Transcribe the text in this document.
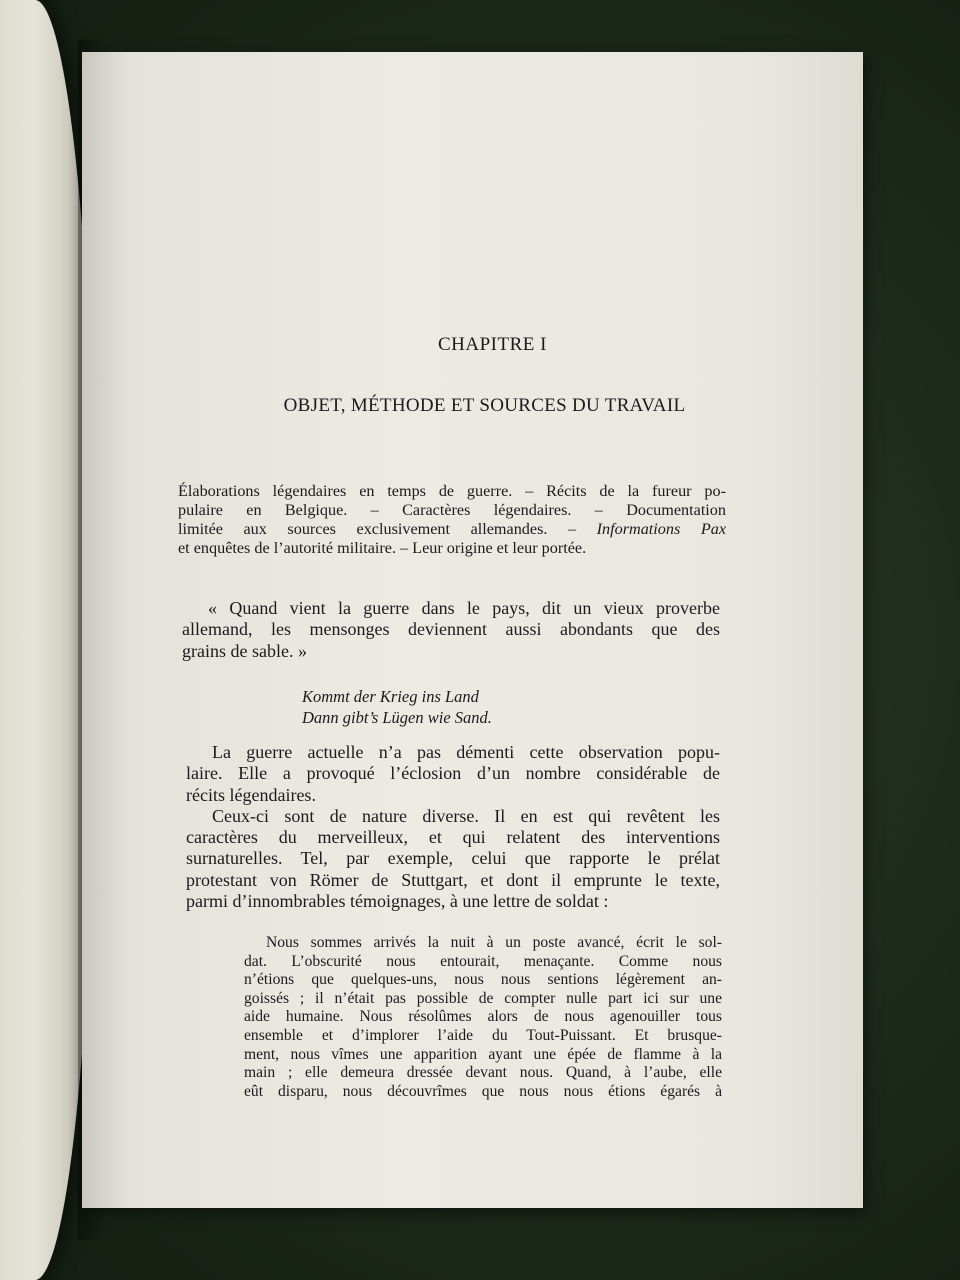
CHAPITRE I
OBJET, MÉTHODE ET SOURCES DU TRAVAIL
Élaborations légendaires en temps de guerre. – Récits de la fureur po-
pulaire en Belgique. – Caractères légendaires. – Documentation
limitée aux sources exclusivement allemandes. – Informations Pax
et enquêtes de l’autorité militaire. – Leur origine et leur portée.
« Quand vient la guerre dans le pays, dit un vieux proverbe
allemand, les mensonges deviennent aussi abondants que des
grains de sable. »
Kommt der Krieg ins Land
Dann gibt’s Lügen wie Sand.
La guerre actuelle n’a pas démenti cette observation popu-
laire. Elle a provoqué l’éclosion d’un nombre considérable de
récits légendaires.
Ceux-ci sont de nature diverse. Il en est qui revêtent les
caractères du merveilleux, et qui relatent des interventions
surnaturelles. Tel, par exemple, celui que rapporte le prélat
protestant von Römer de Stuttgart, et dont il emprunte le texte,
parmi d’innombrables témoignages, à une lettre de soldat :
Nous sommes arrivés la nuit à un poste avancé, écrit le sol-
dat. L’obscurité nous entourait, menaçante. Comme nous
n’étions que quelques-uns, nous nous sentions légèrement an-
goissés ; il n’était pas possible de compter nulle part ici sur une
aide humaine. Nous résolûmes alors de nous agenouiller tous
ensemble et d’implorer l’aide du Tout-Puissant. Et brusque-
ment, nous vîmes une apparition ayant une épée de flamme à la
main ; elle demeura dressée devant nous. Quand, à l’aube, elle
eût disparu, nous découvrîmes que nous nous étions égarés à
